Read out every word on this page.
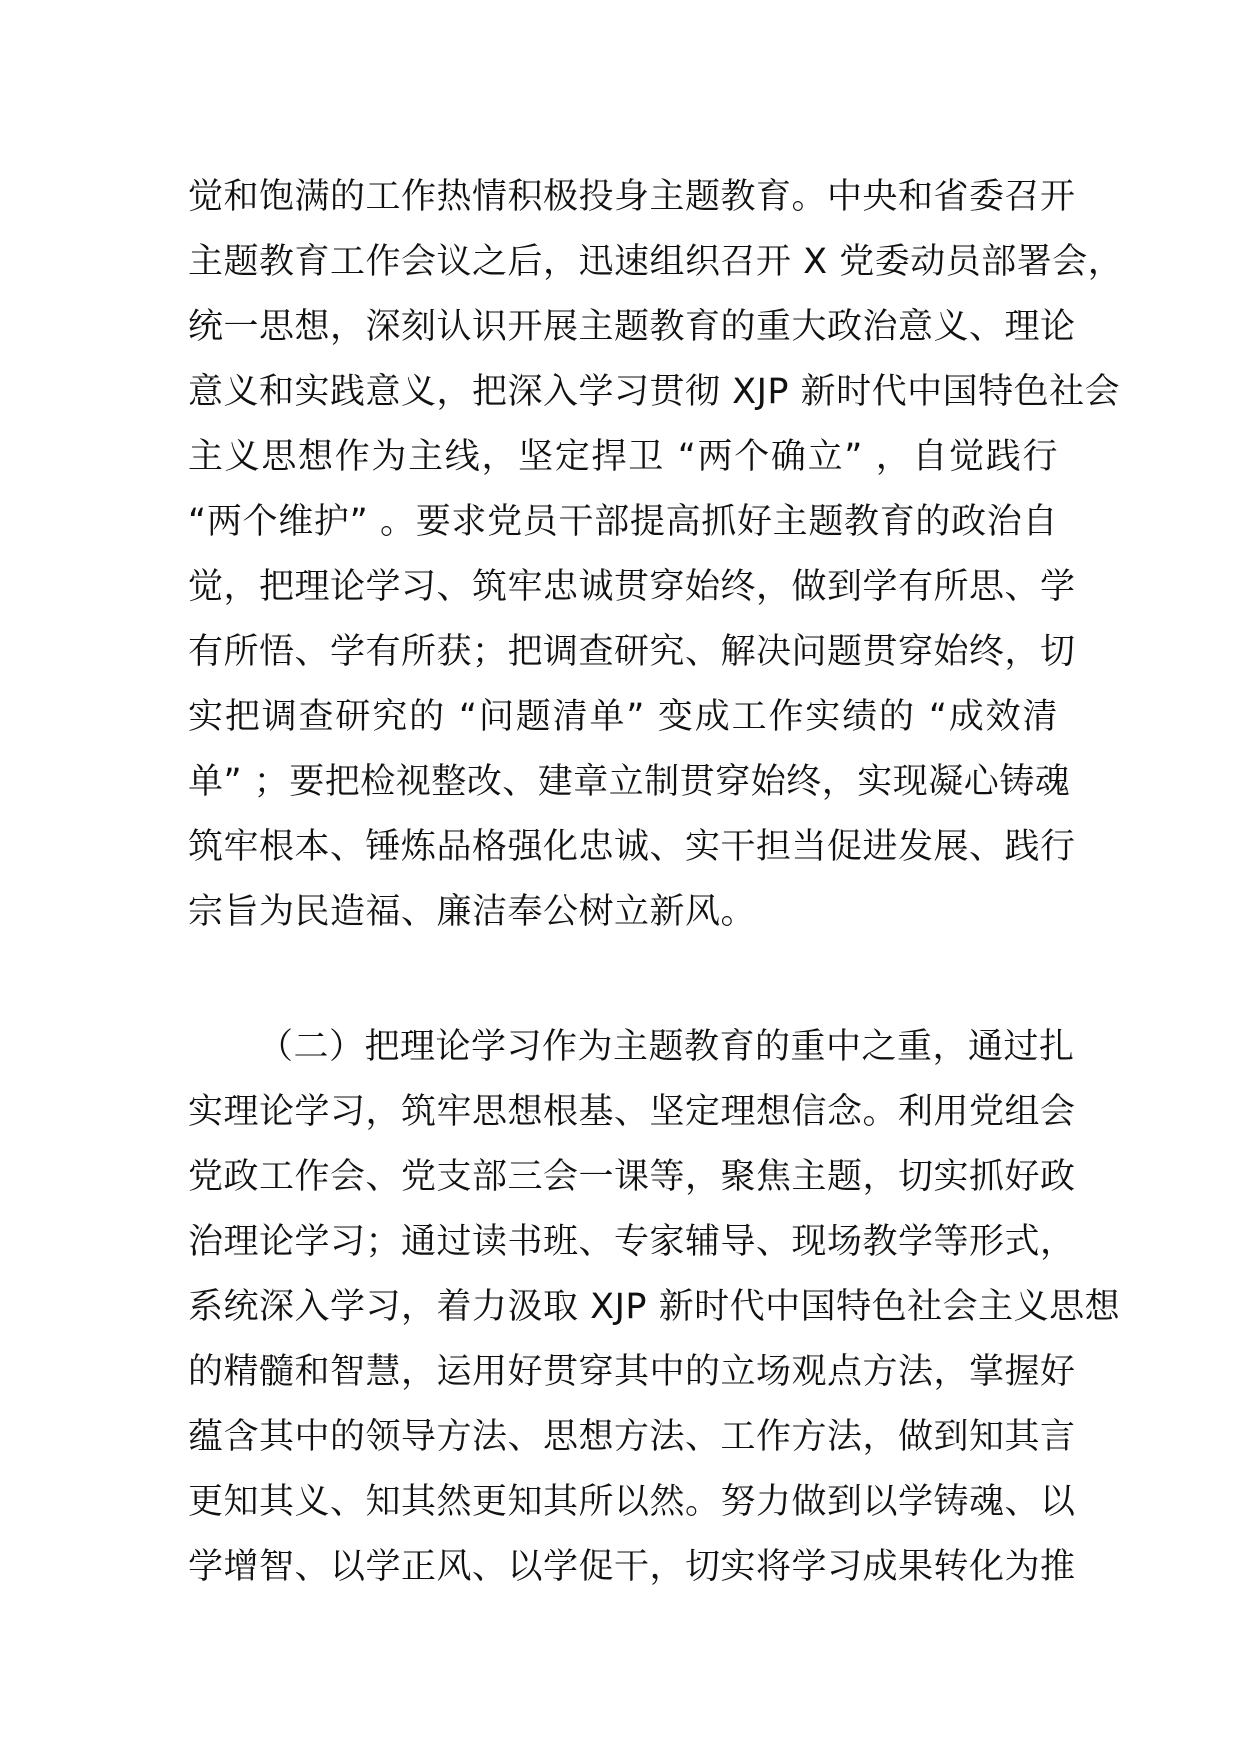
觉和饱满的工作热情积极投身主题教育。中央和省委召开
主题教育工作会议之后，迅速组织召开 X 党委动员部署会，
统一思想，深刻认识开展主题教育的重大政治意义、理论
意义和实践意义，把深入学习贯彻 XJP 新时代中国特色社会
主义思想作为主线，坚定捍卫 “两个确立” ，自觉践行
“两个维护” 。要求党员干部提高抓好主题教育的政治自
觉，把理论学习、筑牢忠诚贯穿始终，做到学有所思、学
有所悟、学有所获；把调查研究、解决问题贯穿始终，切
实把调查研究的 “问题清单” 变成工作实绩的 “成效清
单” ；要把检视整改、建章立制贯穿始终，实现凝心铸魂
筑牢根本、锤炼品格强化忠诚、实干担当促进发展、践行
宗旨为民造福、廉洁奉公树立新风。
（二）把理论学习作为主题教育的重中之重，通过扎
实理论学习，筑牢思想根基、坚定理想信念。利用党组会
党政工作会、党支部三会一课等，聚焦主题，切实抓好政
治理论学习；通过读书班、专家辅导、现场教学等形式，
系统深入学习，着力汲取 XJP 新时代中国特色社会主义思想
的精髓和智慧，运用好贯穿其中的立场观点方法，掌握好
蕴含其中的领导方法、思想方法、工作方法，做到知其言
更知其义、知其然更知其所以然。努力做到以学铸魂、以
学增智、以学正风、以学促干，切实将学习成果转化为推
